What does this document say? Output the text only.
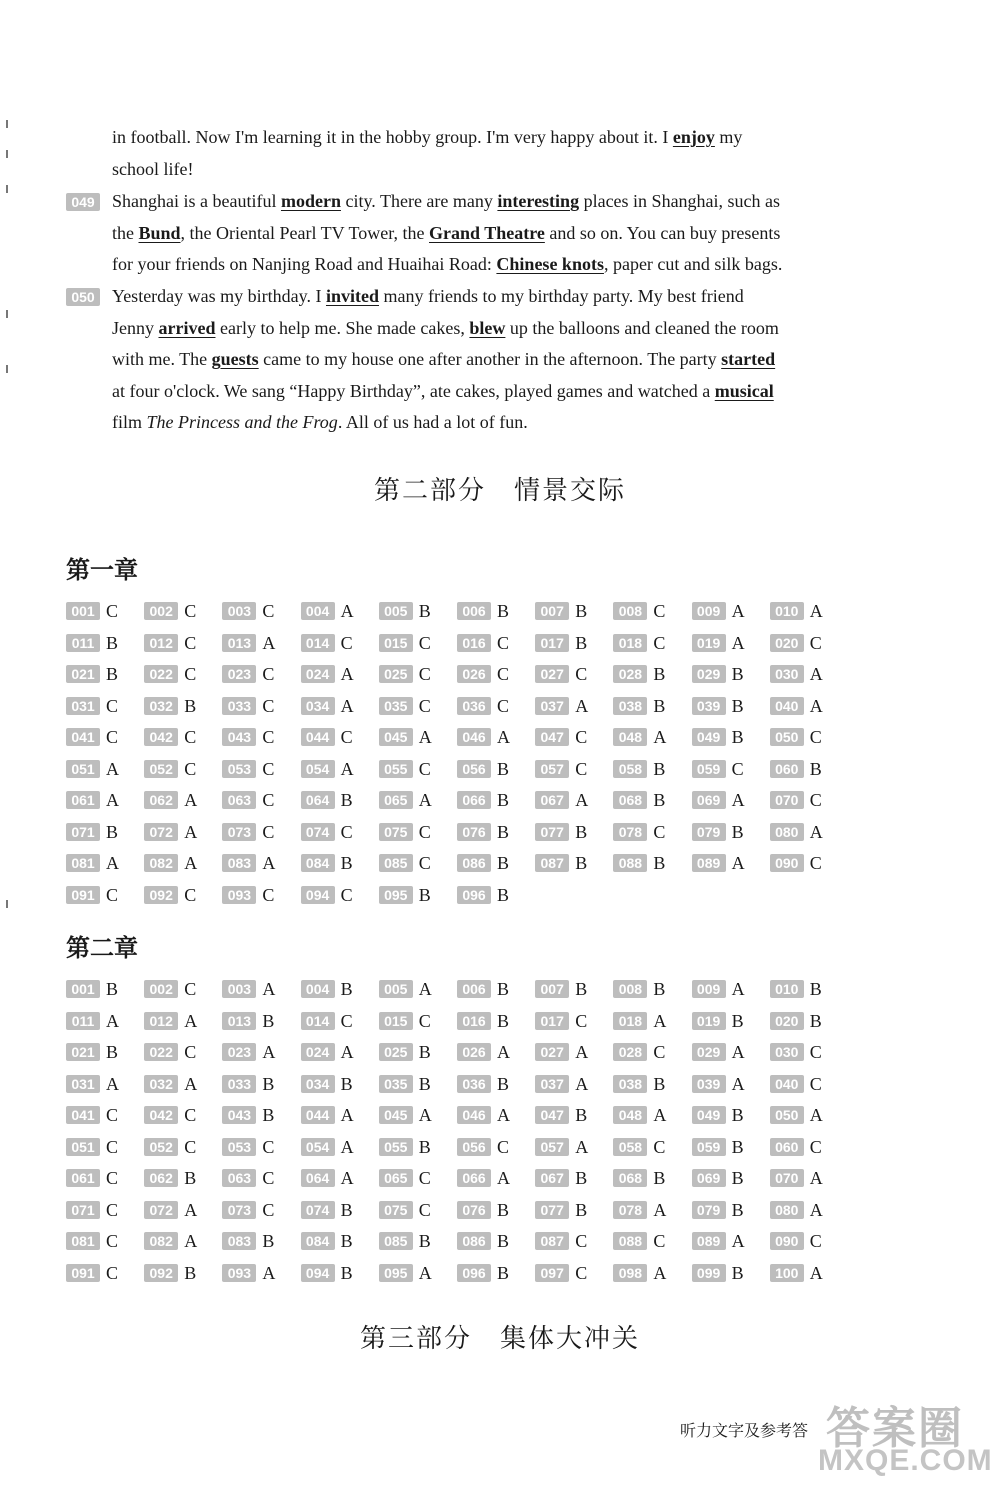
in football. Now I'm learning it in the hobby group. I'm very happy about it. I enjoy my
school life!
049 Shanghai is a beautiful modern city. There are many interesting places in Shanghai, such as
the Bund, the Oriental Pearl TV Tower, the Grand Theatre and so on. You can buy presents
for your friends on Nanjing Road and Huaihai Road: Chinese knots, paper cut and silk bags.
050 Yesterday was my birthday. I invited many friends to my birthday party. My best friend
Jenny arrived early to help me. She made cakes, blew up the balloons and cleaned the room
with me. The guests came to my house one after another in the afternoon. The party started
at four o'clock. We sang “Happy Birthday”, ate cakes, played games and watched a musical
film The Princess and the Frog. All of us had a lot of fun.
第二部分　情景交际
第一章
001 C	002 C	003 C	004 A	005 B	006 B	007 B	008 C	009 A	010 A
011 B	012 C	013 A	014 C	015 C	016 C	017 B	018 C	019 A	020 C
021 B	022 C	023 C	024 A	025 C	026 C	027 C	028 B	029 B	030 A
031 C	032 B	033 C	034 A	035 C	036 C	037 A	038 B	039 B	040 A
041 C	042 C	043 C	044 C	045 A	046 A	047 C	048 A	049 B	050 C
051 A	052 C	053 C	054 A	055 C	056 B	057 C	058 B	059 C	060 B
061 A	062 A	063 C	064 B	065 A	066 B	067 A	068 B	069 A	070 C
071 B	072 A	073 C	074 C	075 C	076 B	077 B	078 C	079 B	080 A
081 A	082 A	083 A	084 B	085 C	086 B	087 B	088 B	089 A	090 C
091 C	092 C	093 C	094 C	095 B	096 B
第二章
001 B	002 C	003 A	004 B	005 A	006 B	007 B	008 B	009 A	010 B
011 A	012 A	013 B	014 C	015 C	016 B	017 C	018 A	019 B	020 B
021 B	022 C	023 A	024 A	025 B	026 A	027 A	028 C	029 A	030 C
031 A	032 A	033 B	034 B	035 B	036 B	037 A	038 B	039 A	040 C
041 C	042 C	043 B	044 A	045 A	046 A	047 B	048 A	049 B	050 A
051 C	052 C	053 C	054 A	055 B	056 C	057 A	058 C	059 B	060 C
061 C	062 B	063 C	064 A	065 C	066 A	067 B	068 B	069 B	070 A
071 C	072 A	073 C	074 B	075 C	076 B	077 B	078 A	079 B	080 A
081 C	082 A	083 B	084 B	085 B	086 B	087 C	088 C	089 A	090 C
091 C	092 B	093 A	094 B	095 A	096 B	097 C	098 A	099 B	100 A
第三部分　集体大冲关
听力文字及参考答 答案圈
MXQE.COM
